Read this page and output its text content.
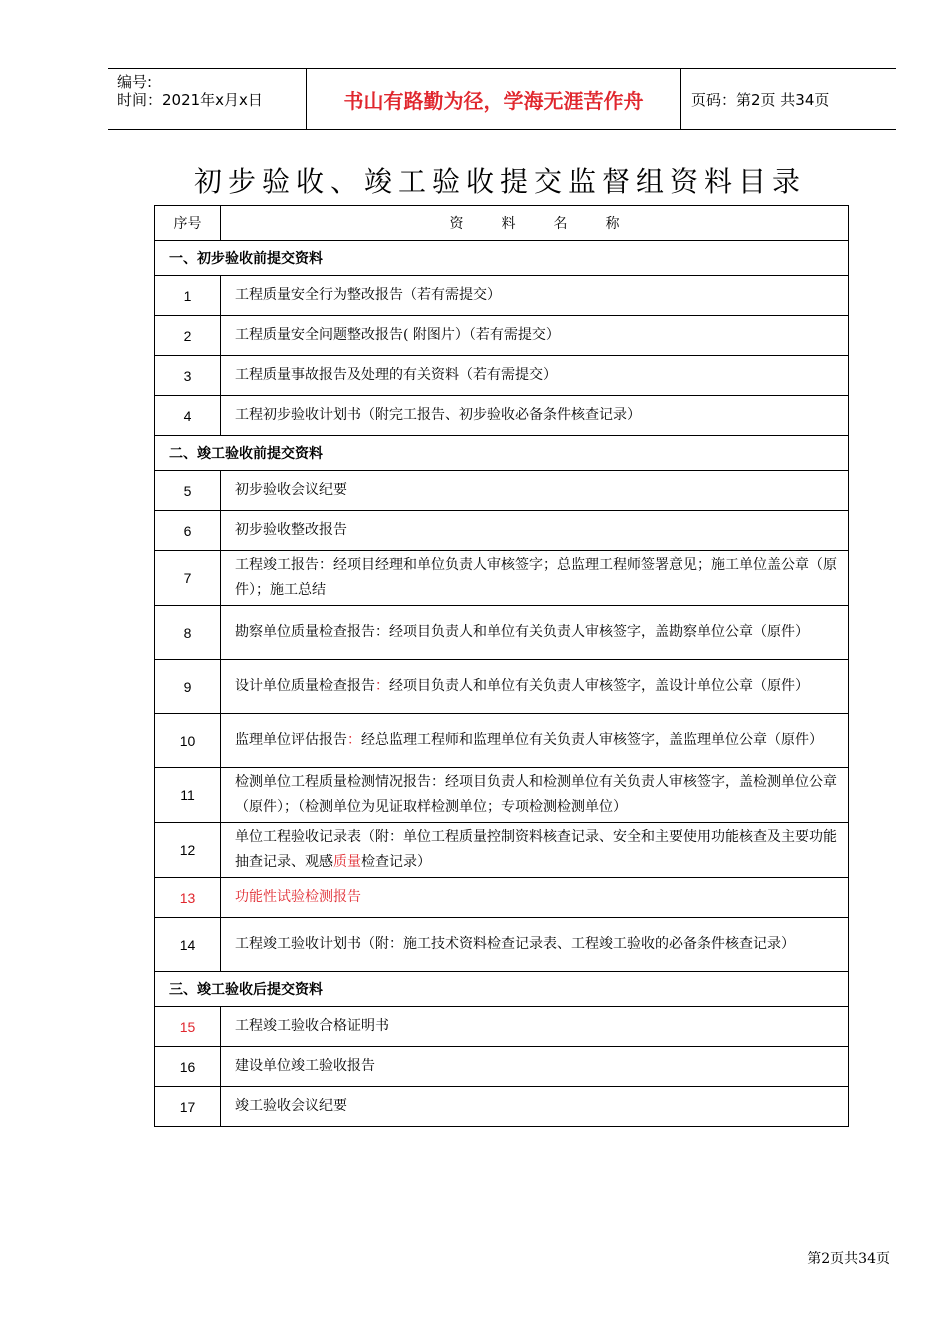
编号:
时间：2021年x月x日	书山有路勤为径，学海无涯苦作舟	页码：第2页 共34页
初步验收、竣工验收提交监督组资料目录
序号	资料名称
一、初步验收前提交资料	
1	工程质量安全行为整改报告（若有需提交）
2	工程质量安全问题整改报告( 附图片）（若有需提交）
3	工程质量事故报告及处理的有关资料（若有需提交）
4	工程初步验收计划书（附完工报告、初步验收必备条件核查记录）
二、竣工验收前提交资料	
5	初步验收会议纪要
6	初步验收整改报告
7	工程竣工报告：经项目经理和单位负责人审核签字；总监理工程师签署意见；施工单位盖公章（原件）；施工总结
8	勘察单位质量检查报告：经项目负责人和单位有关负责人审核签字，盖勘察单位公章（原件）
9	设计单位质量检查报告：经项目负责人和单位有关负责人审核签字，盖设计单位公章（原件）
10	监理单位评估报告：经总监理工程师和监理单位有关负责人审核签字，盖监理单位公章（原件）
11	检测单位工程质量检测情况报告：经项目负责人和检测单位有关负责人审核签字，盖检测单位公章（原件）；（检测单位为见证取样检测单位；专项检测检测单位）
12	单位工程验收记录表（附：单位工程质量控制资料核查记录、安全和主要使用功能核查及主要功能抽查记录、观感质量检查记录）
13	功能性试验检测报告
14	工程竣工验收计划书（附：施工技术资料检查记录表、工程竣工验收的必备条件核查记录）
三、竣工验收后提交资料	
15	工程竣工验收合格证明书
16	建设单位竣工验收报告
17	竣工验收会议纪要
第2页共34页
